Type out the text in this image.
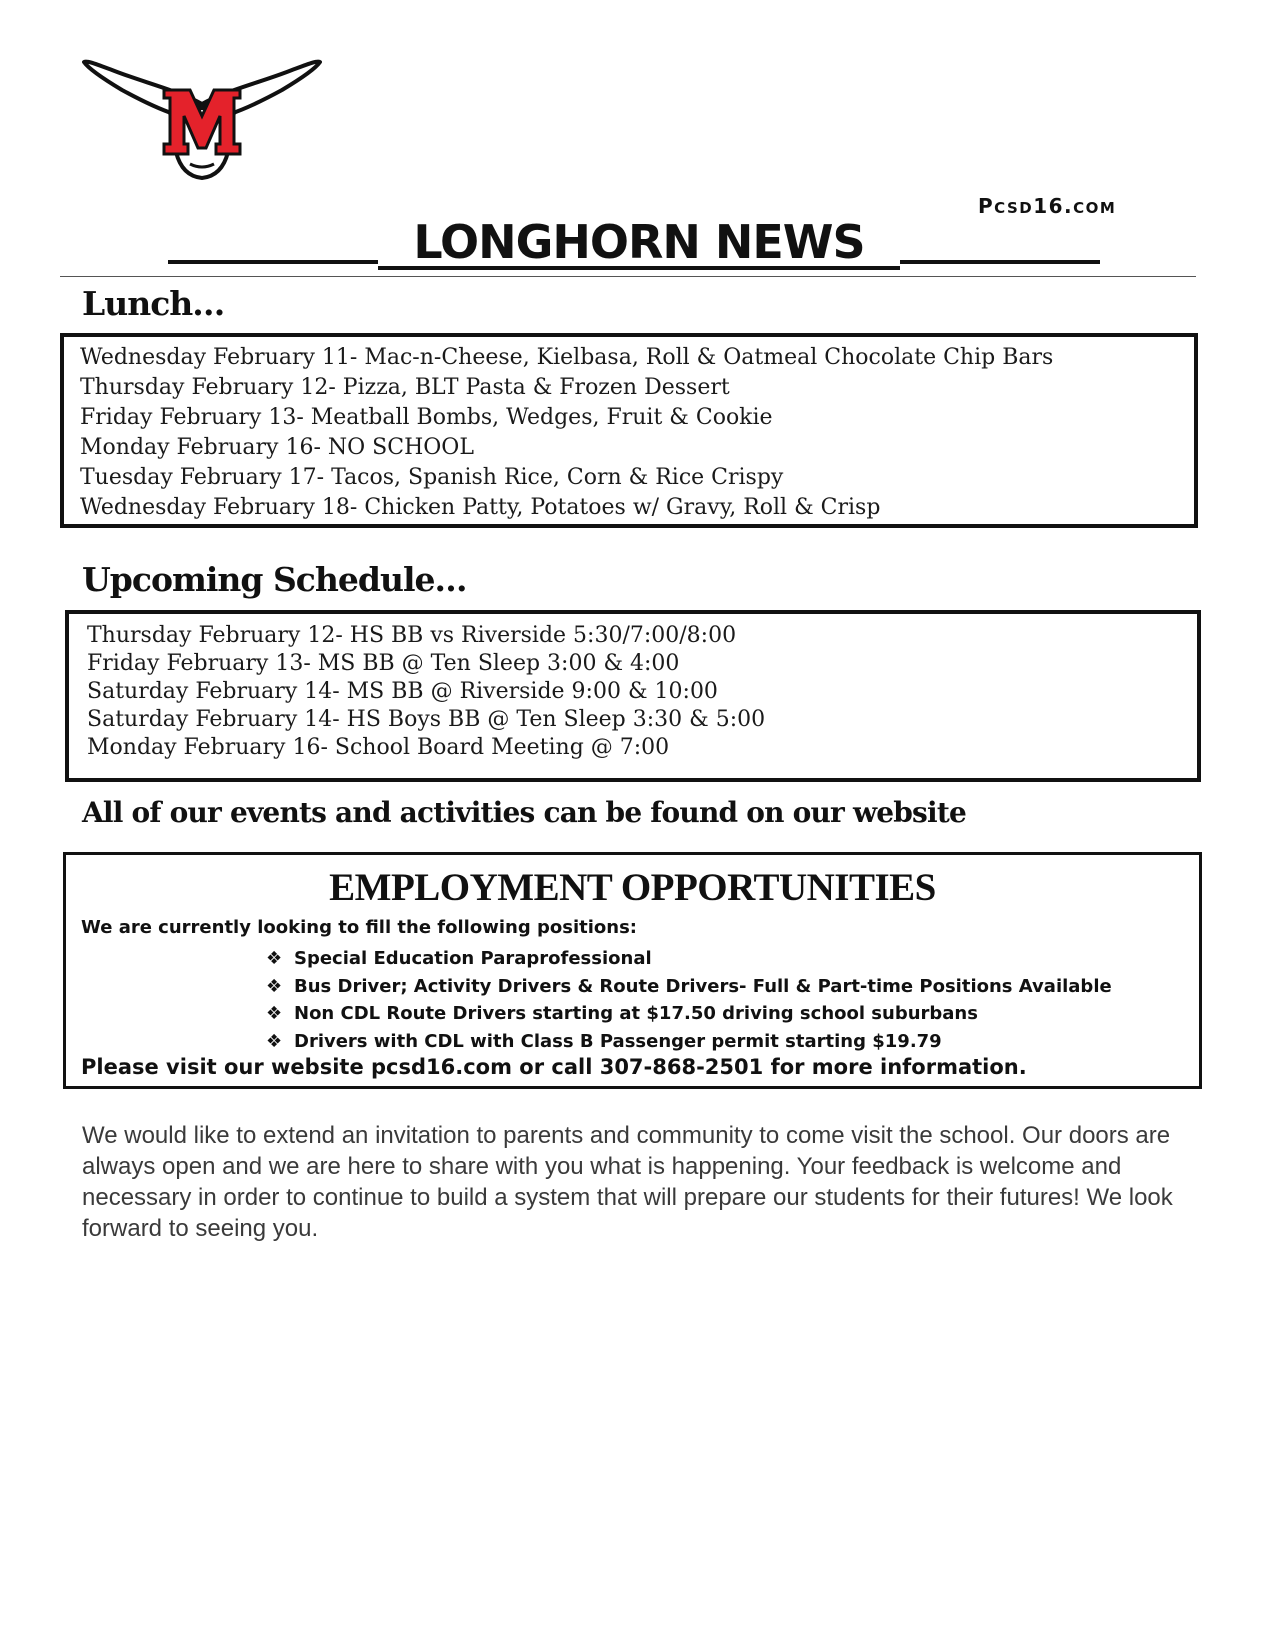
PCSD16.COM
LONGHORN NEWS
Lunch…
Wednesday February 11- Mac-n-Cheese, Kielbasa, Roll & Oatmeal Chocolate Chip Bars
Thursday February 12- Pizza, BLT Pasta & Frozen Dessert
Friday February 13- Meatball Bombs, Wedges, Fruit & Cookie
Monday February 16- NO SCHOOL
Tuesday February 17- Tacos, Spanish Rice, Corn & Rice Crispy
Wednesday February 18- Chicken Patty, Potatoes w/ Gravy, Roll & Crisp
Upcoming Schedule…
Thursday February 12- HS BB vs Riverside 5:30/7:00/8:00
Friday February 13- MS BB @ Ten Sleep 3:00 & 4:00
Saturday February 14- MS BB @ Riverside 9:00 & 10:00
Saturday February 14- HS Boys BB @ Ten Sleep 3:30 & 5:00
Monday February 16- School Board Meeting @ 7:00
All of our events and activities can be found on our website
EMPLOYMENT OPPORTUNITIES
We are currently looking to fill the following positions:
❖ Special Education Paraprofessional
❖ Bus Driver; Activity Drivers & Route Drivers- Full & Part-time Positions Available
❖ Non CDL Route Drivers starting at $17.50 driving school suburbans
❖ Drivers with CDL with Class B Passenger permit starting $19.79
Please visit our website pcsd16.com or call 307-868-2501 for more information.
We would like to extend an invitation to parents and community to come visit the school. Our doors are always open and we are here to share with you what is happening. Your feedback is welcome and necessary in order to continue to build a system that will prepare our students for their futures! We look forward to seeing you.
